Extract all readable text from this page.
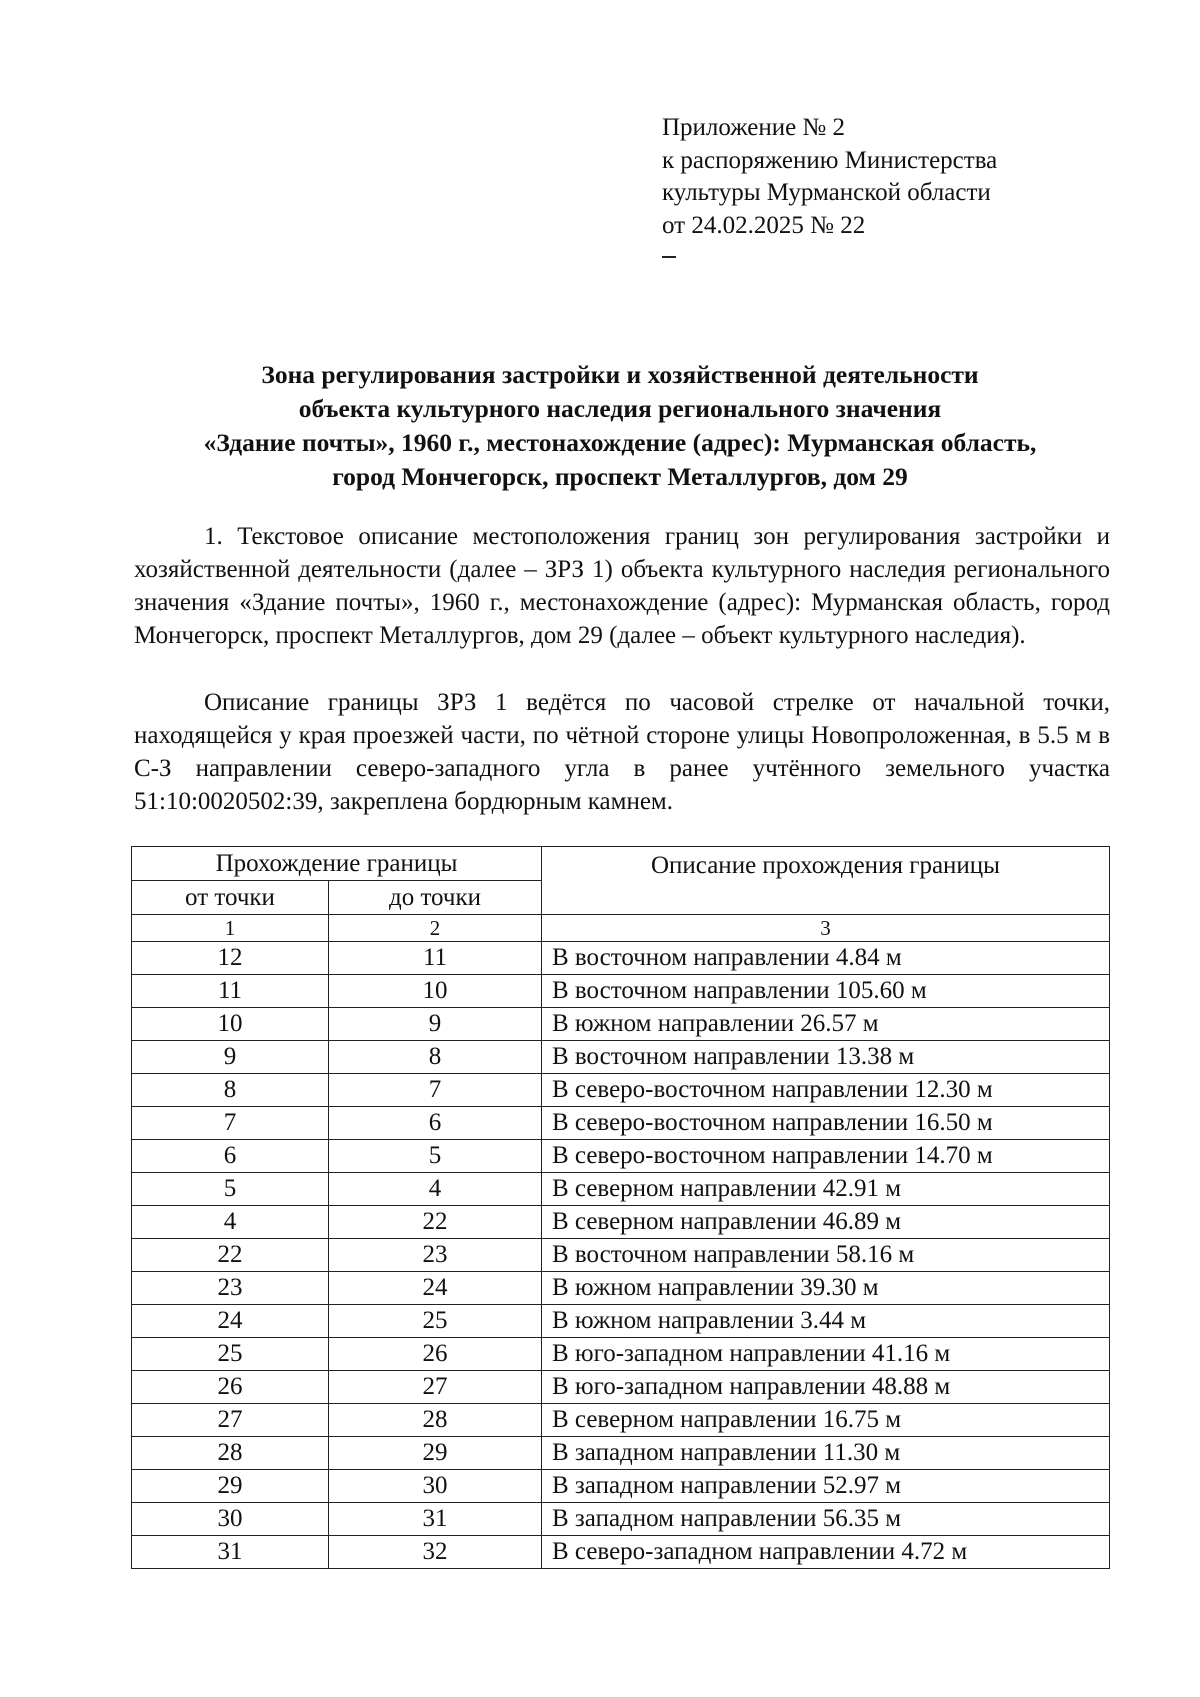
Приложение № 2
к распоряжению Министерства
культуры Мурманской области
от 24.02.2025 № 22
Зона регулирования застройки и хозяйственной деятельности
объекта культурного наследия регионального значения
«Здание почты», 1960 г., местонахождение (адрес): Мурманская область,
город Мончегорск, проспект Металлургов, дом 29
1. Текстовое описание местоположения границ зон регулирования застройки и хозяйственной деятельности (далее – ЗРЗ 1) объекта культурного наследия регионального значения «Здание почты», 1960 г., местонахождение (адрес): Мурманская область, город Мончегорск, проспект Металлургов, дом 29 (далее – объект культурного наследия).
Описание границы ЗРЗ 1 ведётся по часовой стрелке от начальной точки, находящейся у края проезжей части, по чётной стороне улицы Новопроложенная, в 5.5 м в С-З направлении северо-западного угла в ранее учтённого земельного участка 51:10:0020502:39, закреплена бордюрным камнем.
Прохождение границы		Описание прохождения границы
от точки	до точки	
1	2	3
12	11	В восточном направлении 4.84 м
11	10	В восточном направлении 105.60 м
10	9	В южном направлении 26.57 м
9	8	В восточном направлении 13.38 м
8	7	В северо-восточном направлении 12.30 м
7	6	В северо-восточном направлении 16.50 м
6	5	В северо-восточном направлении 14.70 м
5	4	В северном направлении 42.91 м
4	22	В северном направлении 46.89 м
22	23	В восточном направлении 58.16 м
23	24	В южном направлении 39.30 м
24	25	В южном направлении 3.44 м
25	26	В юго-западном направлении 41.16 м
26	27	В юго-западном направлении 48.88 м
27	28	В северном направлении 16.75 м
28	29	В западном направлении 11.30 м
29	30	В западном направлении 52.97 м
30	31	В западном направлении 56.35 м
31	32	В северо-западном направлении 4.72 м
